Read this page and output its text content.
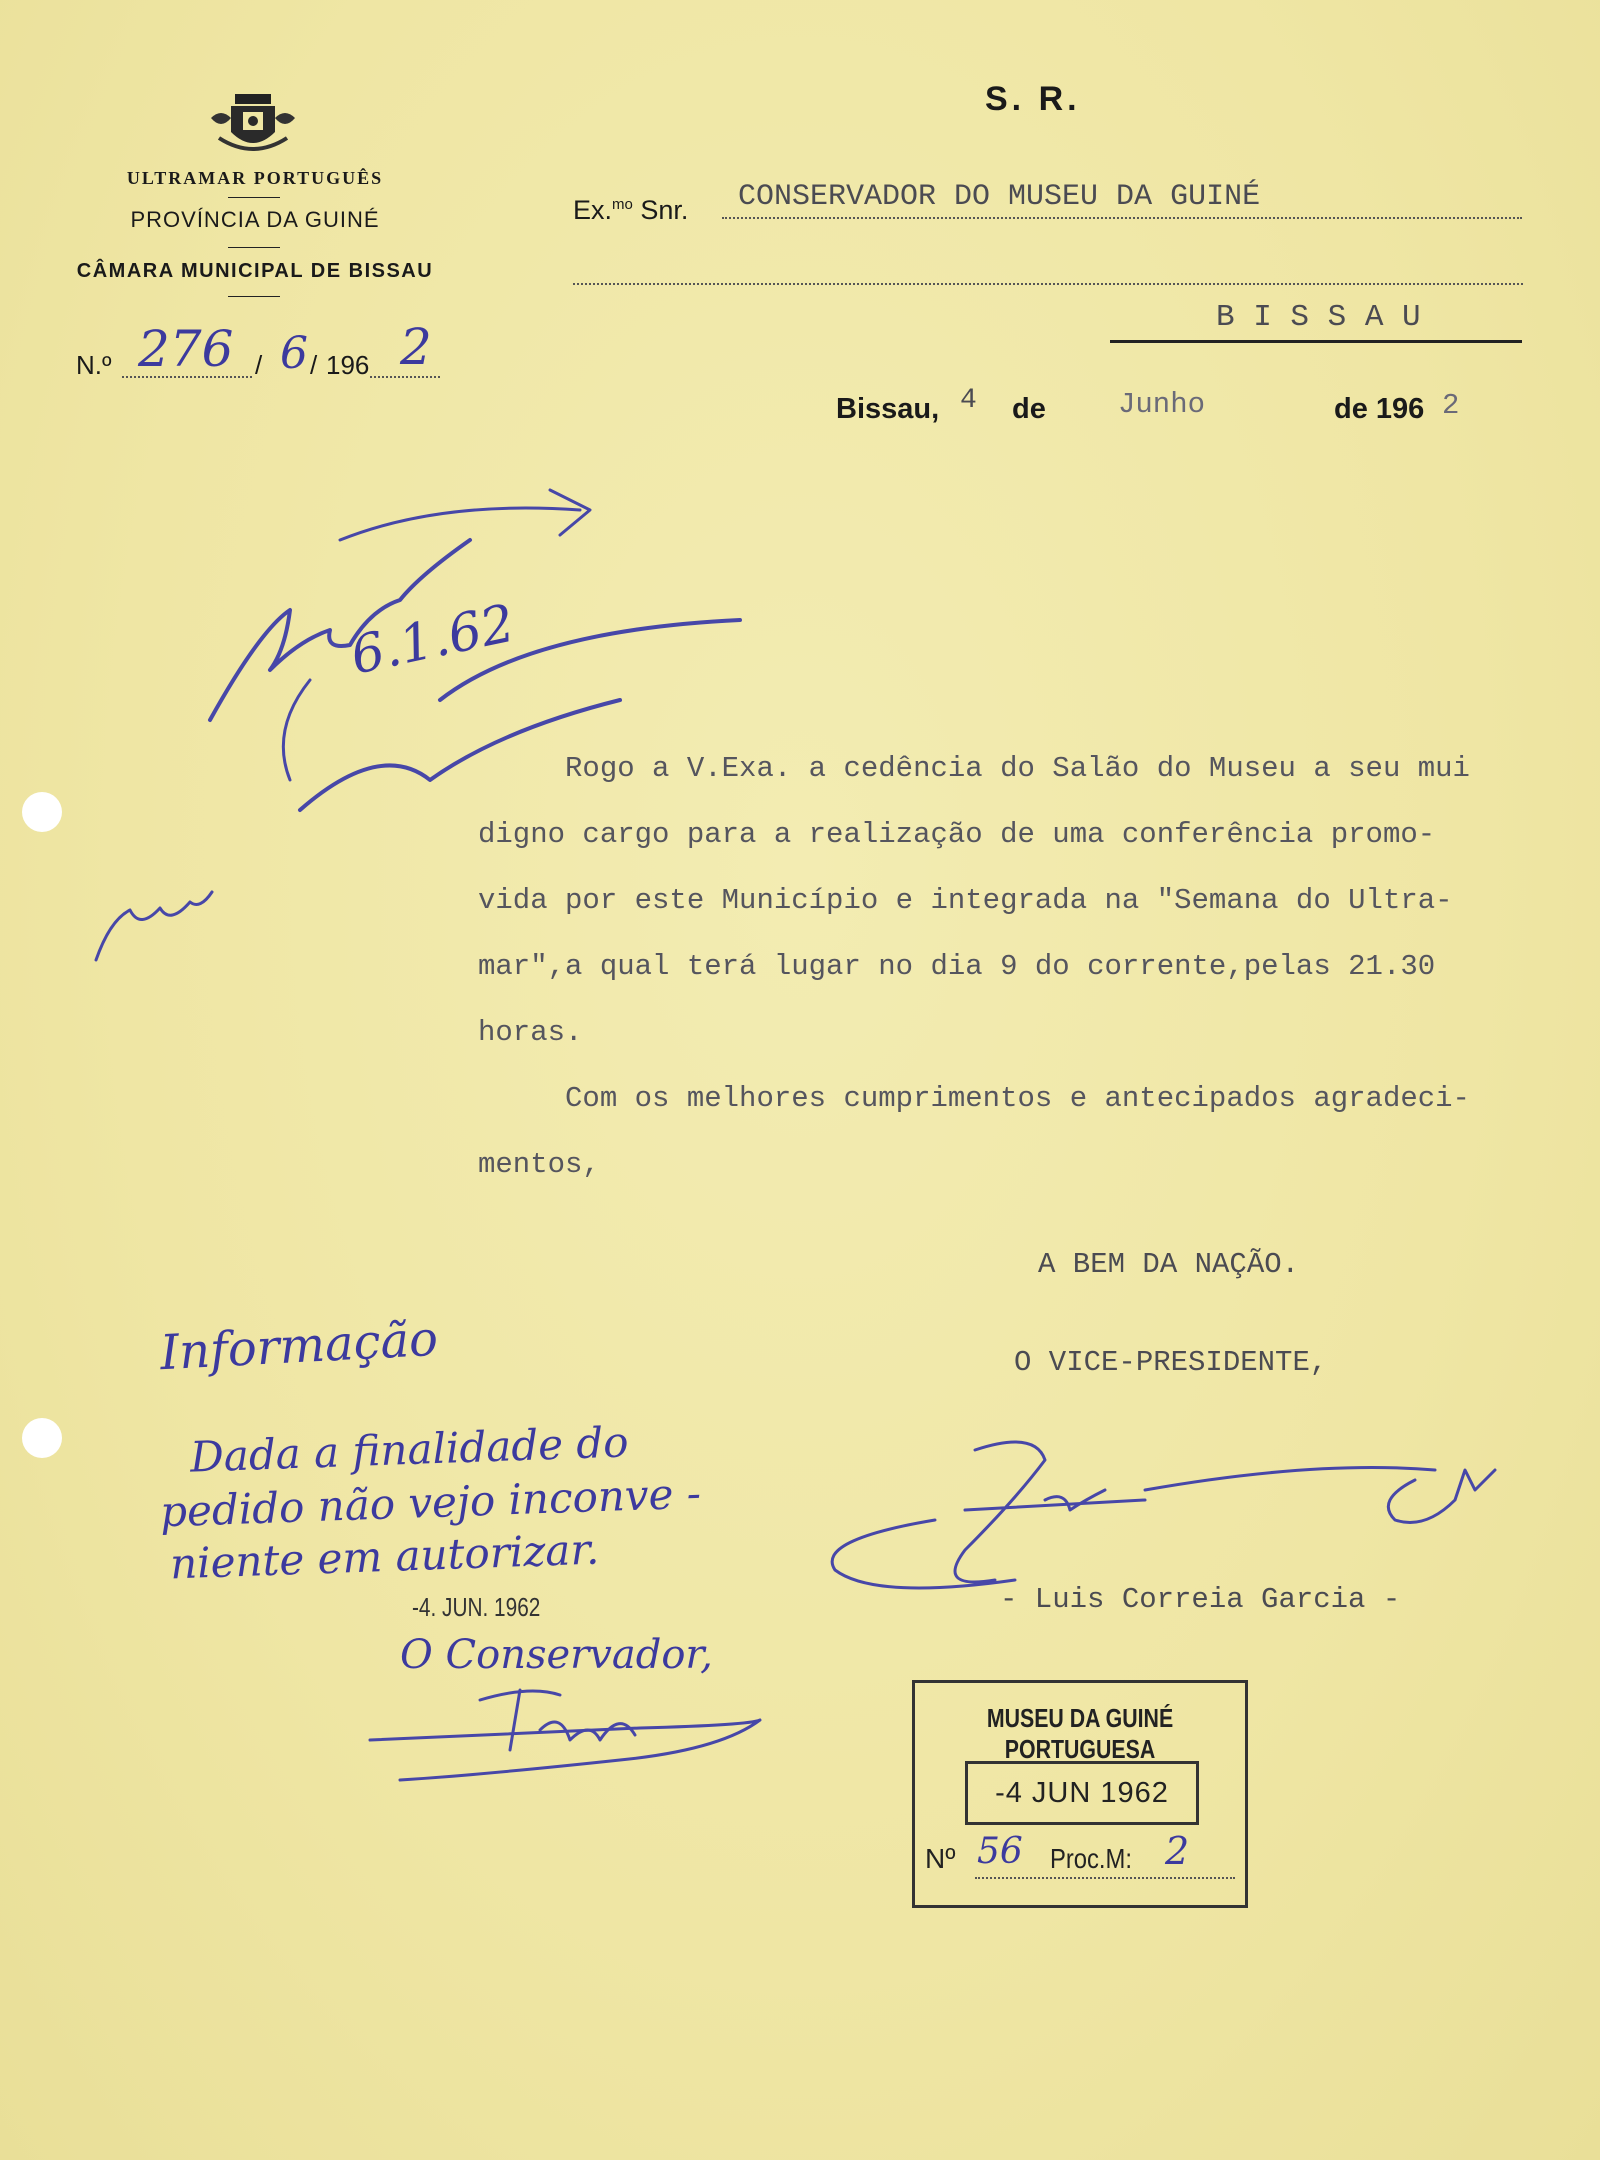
ULTRAMAR PORTUGUÊS
PROVÍNCIA DA GUINÉ
CÂMARA MUNICIPAL DE BISSAU
N.º 276 / 6 / 196 2
S. R.
Ex.$^{mo}$ Snr. CONSERVADOR DO MUSEU DA GUINÉ
B I S S A U
Bissau, 4 de Junho	de 196 2
6.1.62
Rogo a V.Exa. a cedência do Salão do Museu a seu mui
digno cargo para a realização de uma conferência promo-
vida por este Município e integrada na "Semana do Ultra-
mar",a qual terá lugar no dia 9 do corrente,pelas 21.30
horas.
Com os melhores cumprimentos e antecipados agradeci-
mentos,
A BEM DA NAÇÃO.
O VICE-PRESIDENTE,
- Luis Correia Garcia -
Informação
Dada a finalidade do
pedido não vejo inconve -
niente em autorizar.
-4. JUN. 1962
O Conservador,
MUSEU DA GUINÉ PORTUGUESA
-4 JUN 1962
Nº 56 Proc.M: 2
